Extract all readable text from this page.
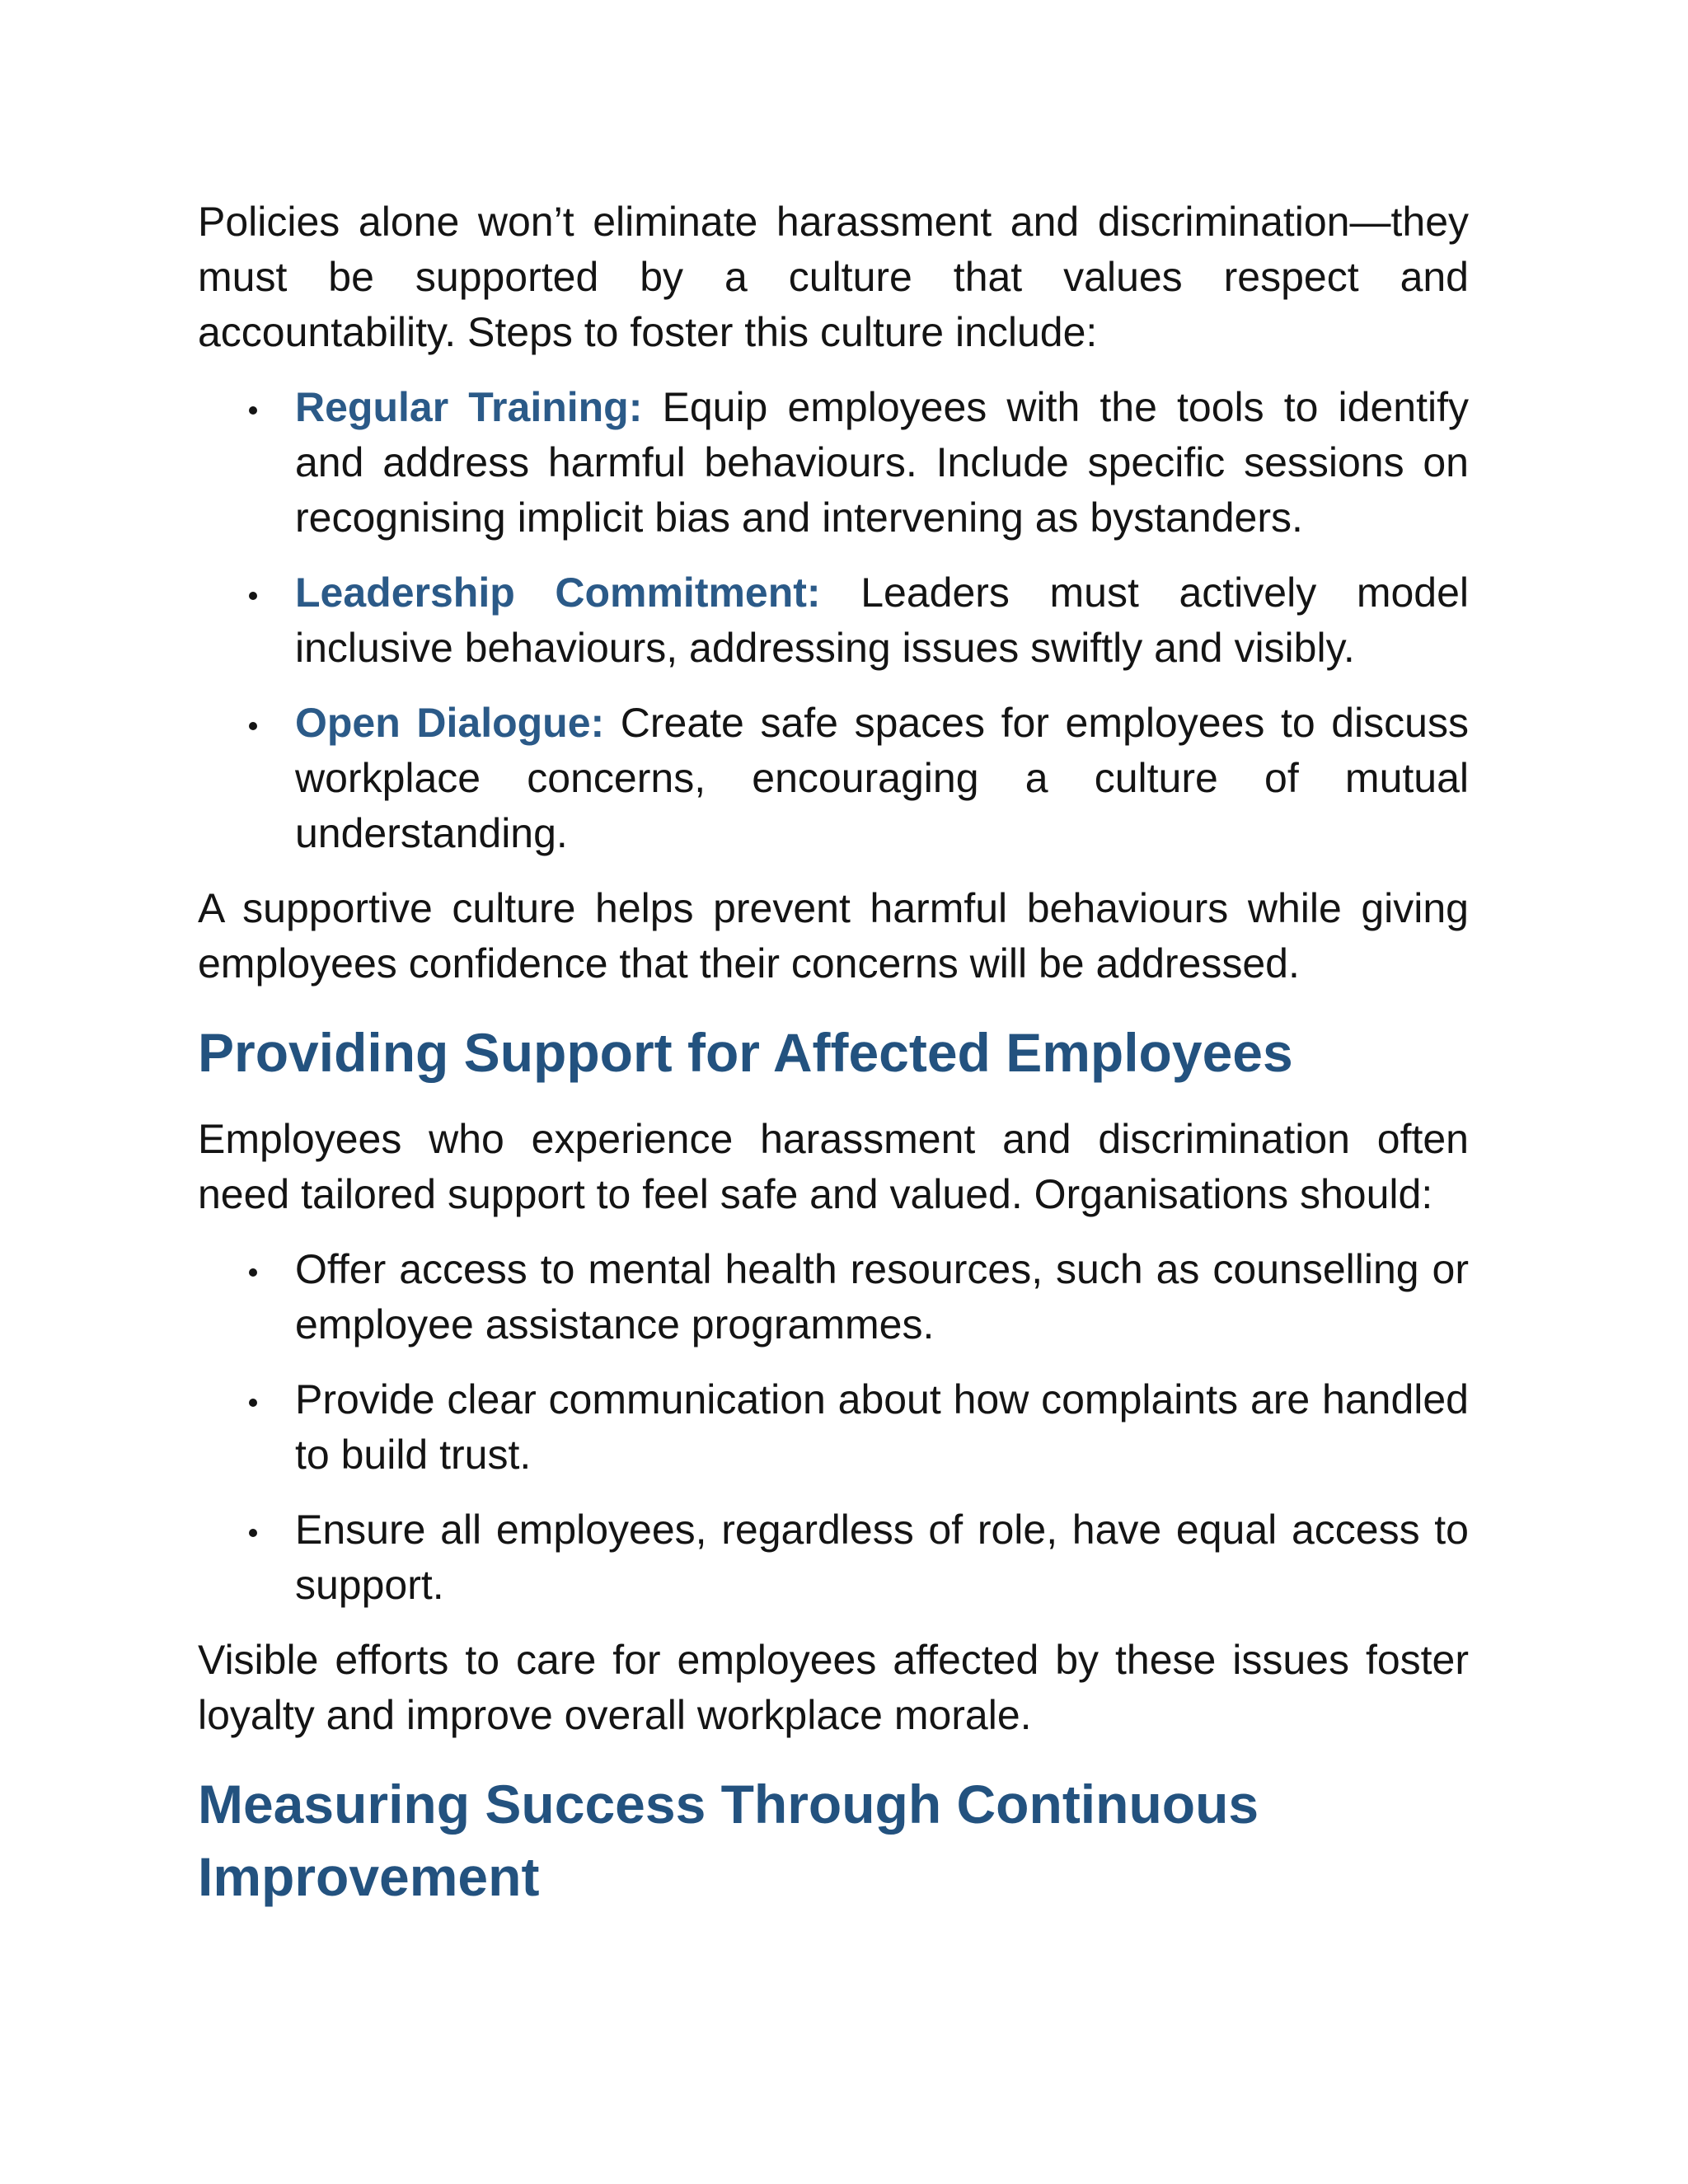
Policies alone won’t eliminate harassment and discrimination—they must be supported by a culture that values respect and accountability. Steps to foster this culture include:

Regular Training: Equip employees with the tools to identify and address harmful behaviours. Include specific sessions on recognising implicit bias and intervening as bystanders.
Leadership Commitment: Leaders must actively model inclusive behaviours, addressing issues swiftly and visibly.
Open Dialogue: Create safe spaces for employees to discuss workplace concerns, encouraging a culture of mutual understanding.

A supportive culture helps prevent harmful behaviours while giving employees confidence that their concerns will be addressed.

Providing Support for Affected Employees

Employees who experience harassment and discrimination often need tailored support to feel safe and valued. Organisations should:

Offer access to mental health resources, such as counselling or employee assistance programmes.
Provide clear communication about how complaints are handled to build trust.
Ensure all employees, regardless of role, have equal access to support.

Visible efforts to care for employees affected by these issues foster loyalty and improve overall workplace morale.

Measuring Success Through Continuous Improvement
